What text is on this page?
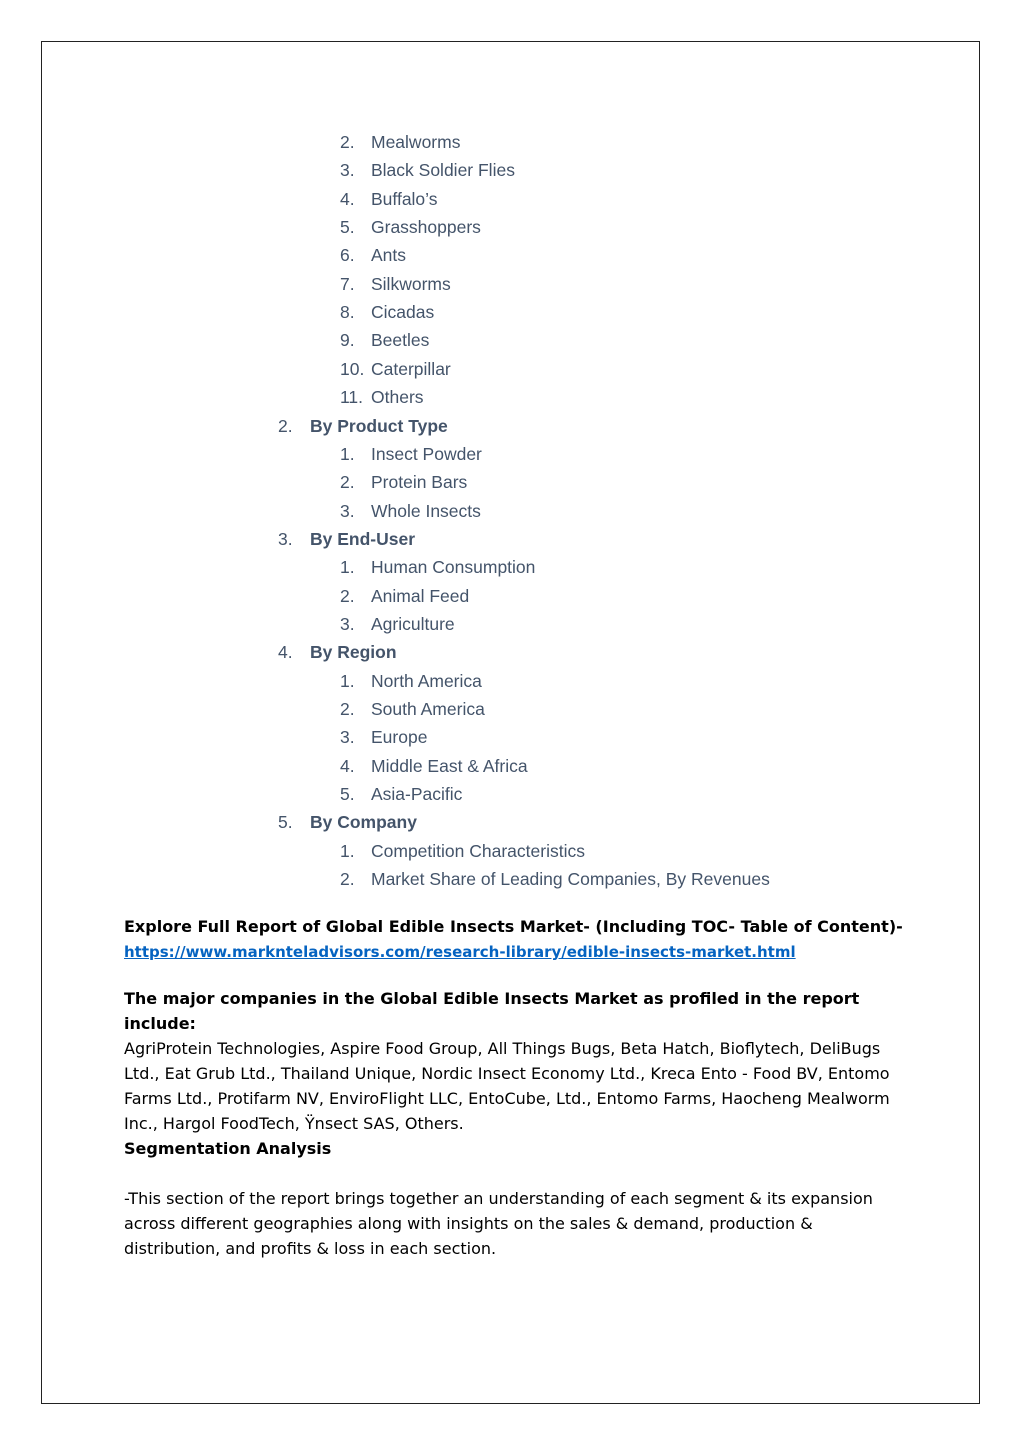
2. Mealworms
3. Black Soldier Flies
4. Buffalo’s
5. Grasshoppers
6. Ants
7. Silkworms
8. Cicadas
9. Beetles
10. Caterpillar
11. Others
2. By Product Type
1. Insect Powder
2. Protein Bars
3. Whole Insects
3. By End-User
1. Human Consumption
2. Animal Feed
3. Agriculture
4. By Region
1. North America
2. South America
3. Europe
4. Middle East & Africa
5. Asia-Pacific
5. By Company
1. Competition Characteristics
2. Market Share of Leading Companies, By Revenues
Explore Full Report of Global Edible Insects Market- (Including TOC- Table of Content)-
https://www.marknteladvisors.com/research-library/edible-insects-market.html
The major companies in the Global Edible Insects Market as profiled in the report include:
AgriProtein Technologies, Aspire Food Group, All Things Bugs, Beta Hatch, Bioflytech, DeliBugs Ltd., Eat Grub Ltd., Thailand Unique, Nordic Insect Economy Ltd., Kreca Ento - Food BV, Entomo Farms Ltd., Protifarm NV, EnviroFlight LLC, EntoCube, Ltd., Entomo Farms, Haocheng Mealworm Inc., Hargol FoodTech, Ÿnsect SAS, Others.
Segmentation Analysis
-This section of the report brings together an understanding of each segment & its expansion across different geographies along with insights on the sales & demand, production & distribution, and profits & loss in each section.
